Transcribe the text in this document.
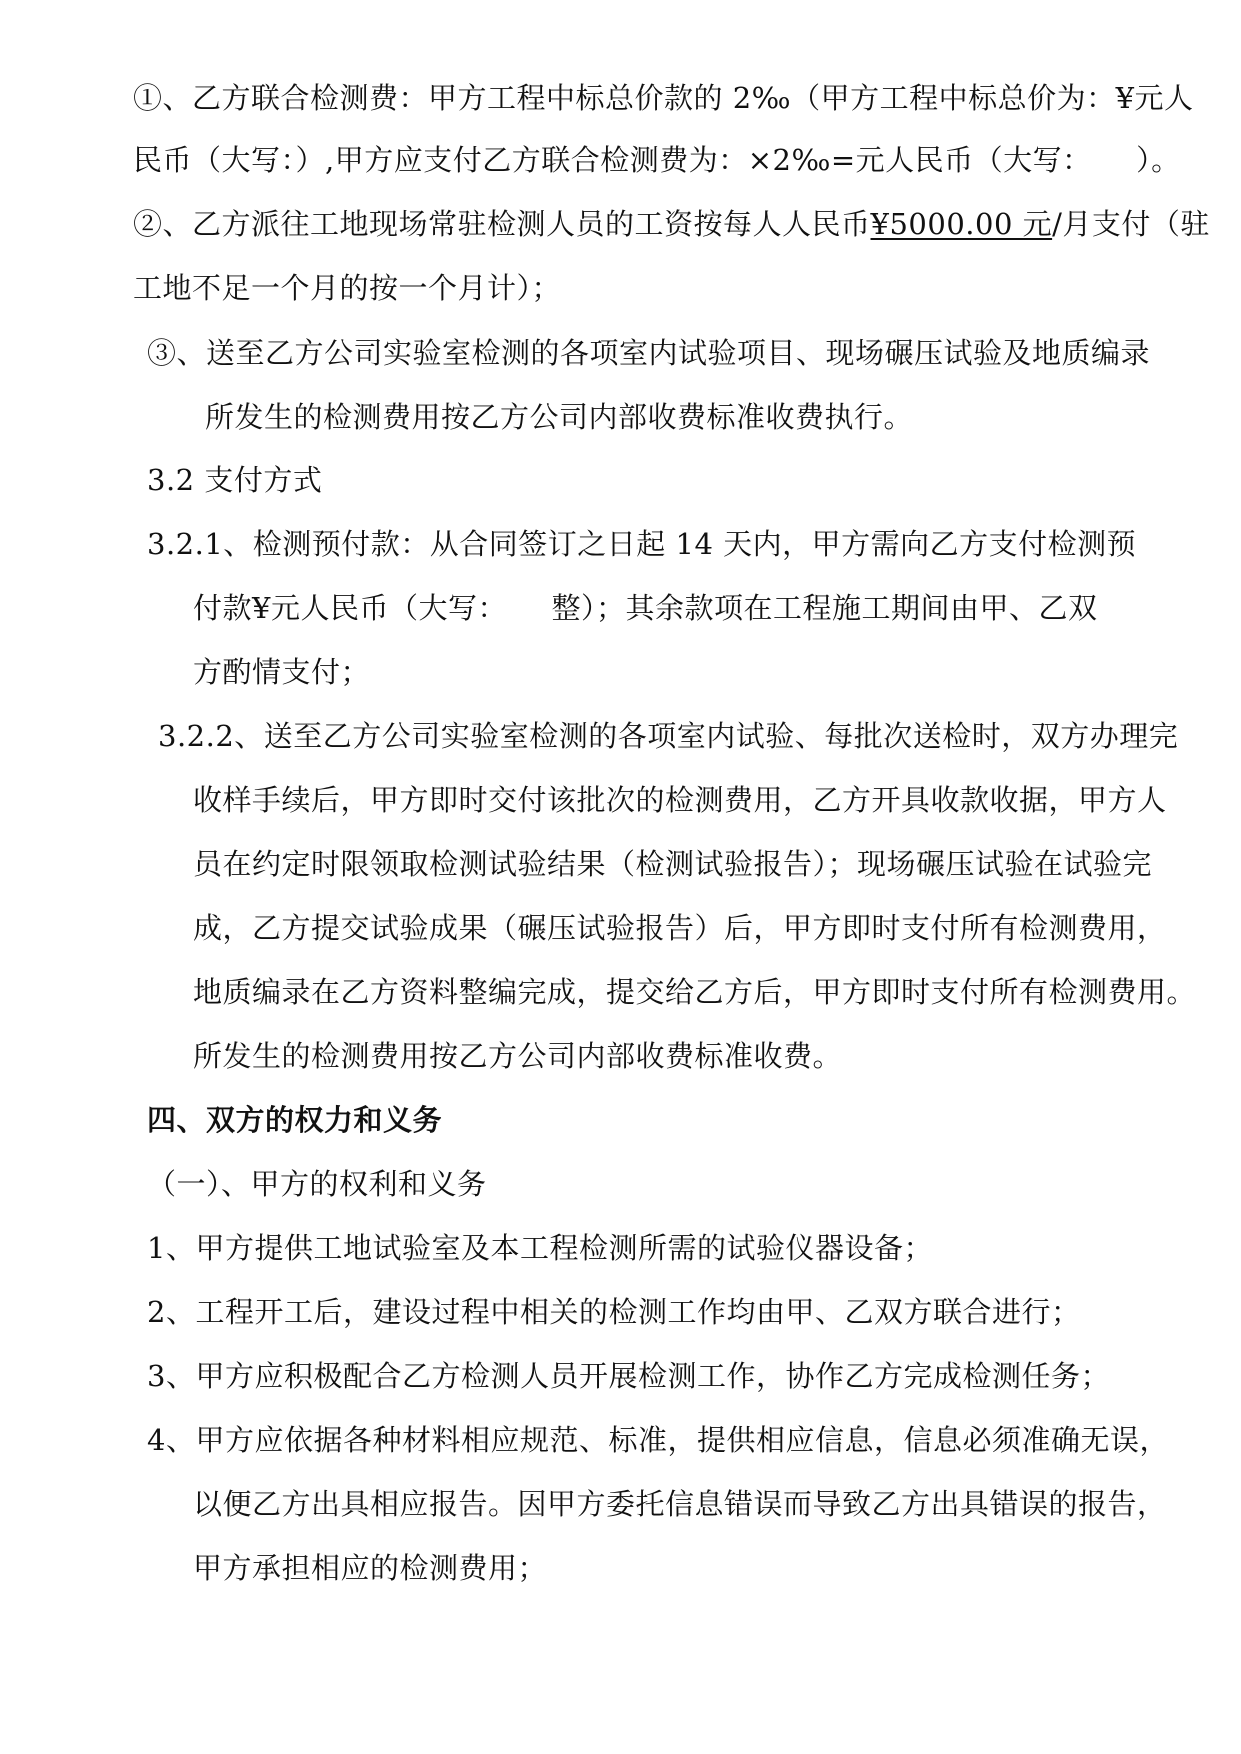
①、乙方联合检测费：甲方工程中标总价款的 2‰（甲方工程中标总价为：¥元人
民币（大写：）,甲方应支付乙方联合检测费为：×2‰=元人民币（大写：　　）。
②、乙方派往工地现场常驻检测人员的工资按每人人民币¥5000.00 元/月支付（驻
工地不足一个月的按一个月计）；
③、送至乙方公司实验室检测的各项室内试验项目、现场碾压试验及地质编录
所发生的检测费用按乙方公司内部收费标准收费执行。
3.2 支付方式
3.2.1、检测预付款：从合同签订之日起 14 天内，甲方需向乙方支付检测预
付款¥元人民币（大写：　　整）；其余款项在工程施工期间由甲、乙双
方酌情支付；
3.2.2、送至乙方公司实验室检测的各项室内试验、每批次送检时，双方办理完
收样手续后，甲方即时交付该批次的检测费用，乙方开具收款收据，甲方人
员在约定时限领取检测试验结果（检测试验报告）；现场碾压试验在试验完
成，乙方提交试验成果（碾压试验报告）后，甲方即时支付所有检测费用，
地质编录在乙方资料整编完成，提交给乙方后，甲方即时支付所有检测费用。
所发生的检测费用按乙方公司内部收费标准收费。
四、双方的权力和义务
（一）、甲方的权利和义务
1、甲方提供工地试验室及本工程检测所需的试验仪器设备；
2、工程开工后，建设过程中相关的检测工作均由甲、乙双方联合进行；
3、甲方应积极配合乙方检测人员开展检测工作，协作乙方完成检测任务；
4、甲方应依据各种材料相应规范、标准，提供相应信息，信息必须准确无误，
以便乙方出具相应报告。因甲方委托信息错误而导致乙方出具错误的报告，
甲方承担相应的检测费用；
